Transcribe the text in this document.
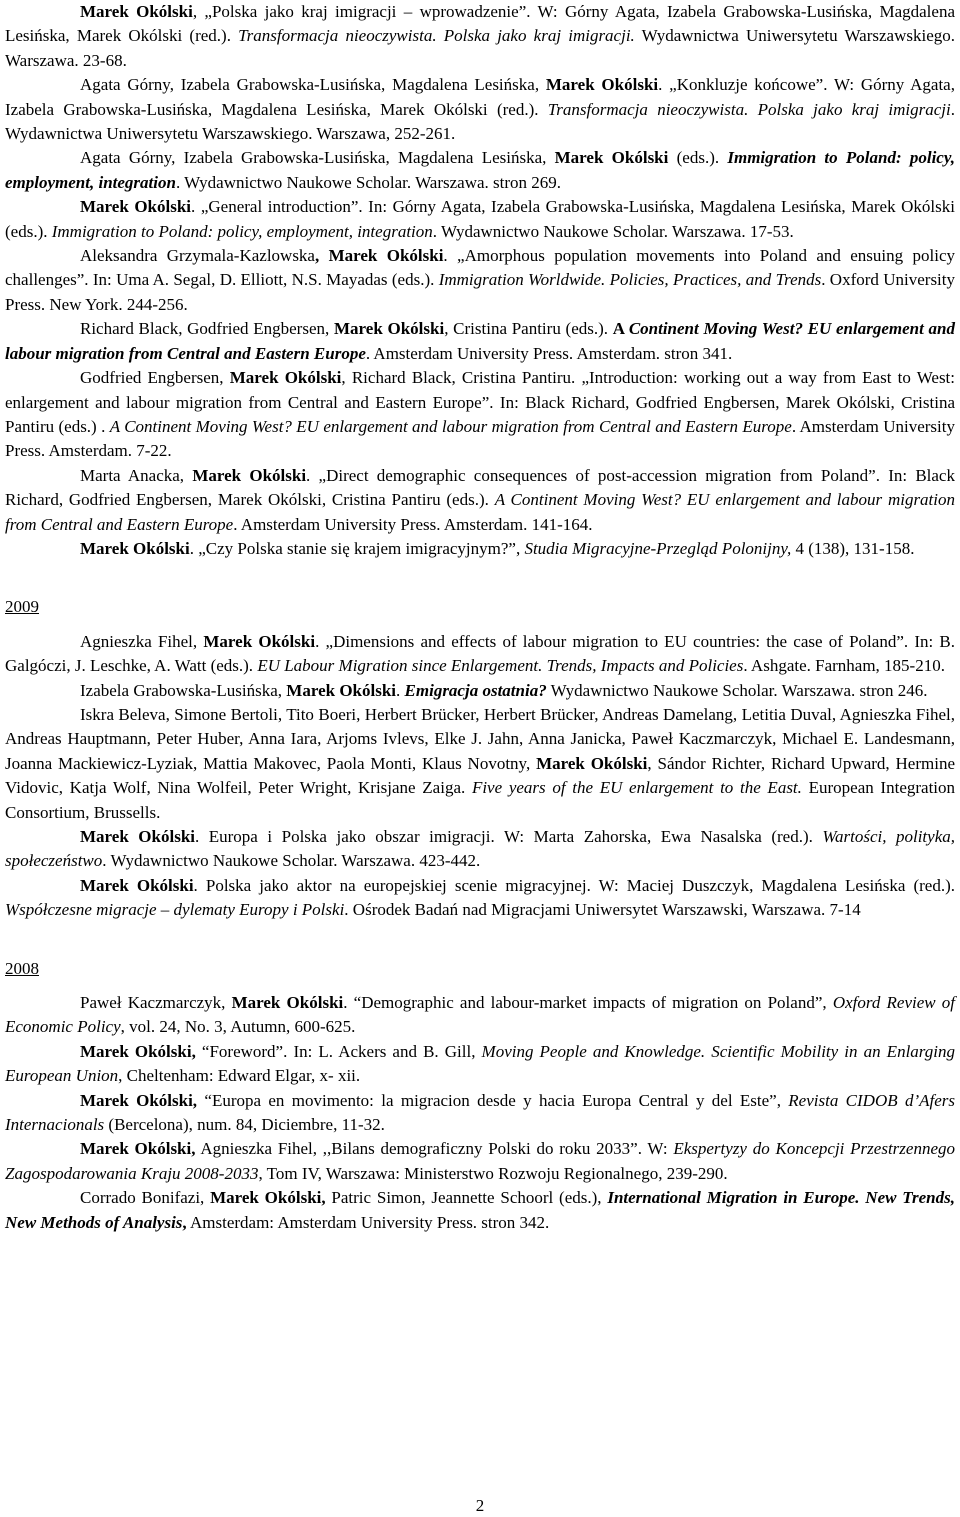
Marek Okólski, „Polska jako kraj imigracji – wprowadzenie”. W: Górny Agata, Izabela Grabowska-Lusińska, Magdalena Lesińska, Marek Okólski (red.). Transformacja nieoczywista. Polska jako kraj imigracji. Wydawnictwa Uniwersytetu Warszawskiego. Warszawa. 23-68.

Agata Górny, Izabela Grabowska-Lusińska, Magdalena Lesińska, Marek Okólski. „Konkluzje końcowe”. W: Górny Agata, Izabela Grabowska-Lusińska, Magdalena Lesińska, Marek Okólski (red.). Transformacja nieoczywista. Polska jako kraj imigracji. Wydawnictwa Uniwersytetu Warszawskiego. Warszawa, 252-261.

Agata Górny, Izabela Grabowska-Lusińska, Magdalena Lesińska, Marek Okólski (eds.). Immigration to Poland: policy, employment, integration. Wydawnictwo Naukowe Scholar. Warszawa. stron 269.

Marek Okólski. „General introduction”. In: Górny Agata, Izabela Grabowska-Lusińska, Magdalena Lesińska, Marek Okólski (eds.). Immigration to Poland: policy, employment, integration. Wydawnictwo Naukowe Scholar. Warszawa. 17-53.

Aleksandra Grzymala-Kazlowska, Marek Okólski. „Amorphous population movements into Poland and ensuing policy challenges”. In: Uma A. Segal, D. Elliott, N.S. Mayadas (eds.). Immigration Worldwide. Policies, Practices, and Trends. Oxford University Press. New York. 244-256.

Richard Black, Godfried Engbersen, Marek Okólski, Cristina Pantiru (eds.). A Continent Moving West? EU enlargement and labour migration from Central and Eastern Europe. Amsterdam University Press. Amsterdam. stron 341.

Godfried Engbersen, Marek Okólski, Richard Black, Cristina Pantiru. „Introduction: working out a way from East to West: enlargement and labour migration from Central and Eastern Europe”. In: Black Richard, Godfried Engbersen, Marek Okólski, Cristina Pantiru (eds.) . A Continent Moving West? EU enlargement and labour migration from Central and Eastern Europe. Amsterdam University Press. Amsterdam. 7-22.

Marta Anacka, Marek Okólski. „Direct demographic consequences of post-accession migration from Poland”. In: Black Richard, Godfried Engbersen, Marek Okólski, Cristina Pantiru (eds.). A Continent Moving West? EU enlargement and labour migration from Central and Eastern Europe. Amsterdam University Press. Amsterdam. 141-164.

Marek Okólski. „Czy Polska stanie się krajem imigracyjnym?”, Studia Migracyjne-Przegląd Polonijny, 4 (138), 131-158.

2009

Agnieszka Fihel, Marek Okólski. „Dimensions and effects of labour migration to EU countries: the case of Poland”. In: B. Galgóczi, J. Leschke, A. Watt (eds.). EU Labour Migration since Enlargement. Trends, Impacts and Policies. Ashgate. Farnham, 185-210.

Izabela Grabowska-Lusińska, Marek Okólski. Emigracja ostatnia? Wydawnictwo Naukowe Scholar. Warszawa. stron 246.

Iskra Beleva, Simone Bertoli, Tito Boeri, Herbert Brücker, Herbert Brücker, Andreas Damelang, Letitia Duval, Agnieszka Fihel, Andreas Hauptmann, Peter Huber, Anna Iara, Arjoms Ivlevs, Elke J. Jahn, Anna Janicka, Paweł Kaczmarczyk, Michael E. Landesmann, Joanna Mackiewicz-Lyziak, Mattia Makovec, Paola Monti, Klaus Novotny, Marek Okólski, Sándor Richter, Richard Upward, Hermine Vidovic, Katja Wolf, Nina Wolfeil, Peter Wright, Krisjane Zaiga. Five years of the EU enlargement to the East. European Integration Consortium, Brussells.

Marek Okólski. Europa i Polska jako obszar imigracji. W: Marta Zahorska, Ewa Nasalska (red.). Wartości, polityka, społeczeństwo. Wydawnictwo Naukowe Scholar. Warszawa. 423-442.

Marek Okólski. Polska jako aktor na europejskiej scenie migracyjnej. W: Maciej Duszczyk, Magdalena Lesińska (red.). Współczesne migracje – dylematy Europy i Polski. Ośrodek Badań nad Migracjami Uniwersytet Warszawski, Warszawa. 7-14

2008

Paweł Kaczmarczyk, Marek Okólski. “Demographic and labour-market impacts of migration on Poland”, Oxford Review of Economic Policy, vol. 24, No. 3, Autumn, 600-625.

Marek Okólski, “Foreword”. In: L. Ackers and B. Gill, Moving People and Knowledge. Scientific Mobility in an Enlarging European Union, Cheltenham: Edward Elgar, x- xii.

Marek Okólski, “Europa en movimento: la migracion desde y hacia Europa Central y del Este”, Revista CIDOB d’Afers Internacionals (Bercelona), num. 84, Diciembre, 11-32.

Marek Okólski, Agnieszka Fihel, ,,Bilans demograficzny Polski do roku 2033”. W: Ekspertyzy do Koncepcji Przestrzennego Zagospodarowania Kraju 2008-2033, Tom IV, Warszawa: Ministerstwo Rozwoju Regionalnego, 239-290.

Corrado Bonifazi, Marek Okólski, Patric Simon, Jeannette Schoorl (eds.), International Migration in Europe. New Trends, New Methods of Analysis, Amsterdam: Amsterdam University Press. stron 342.

2
